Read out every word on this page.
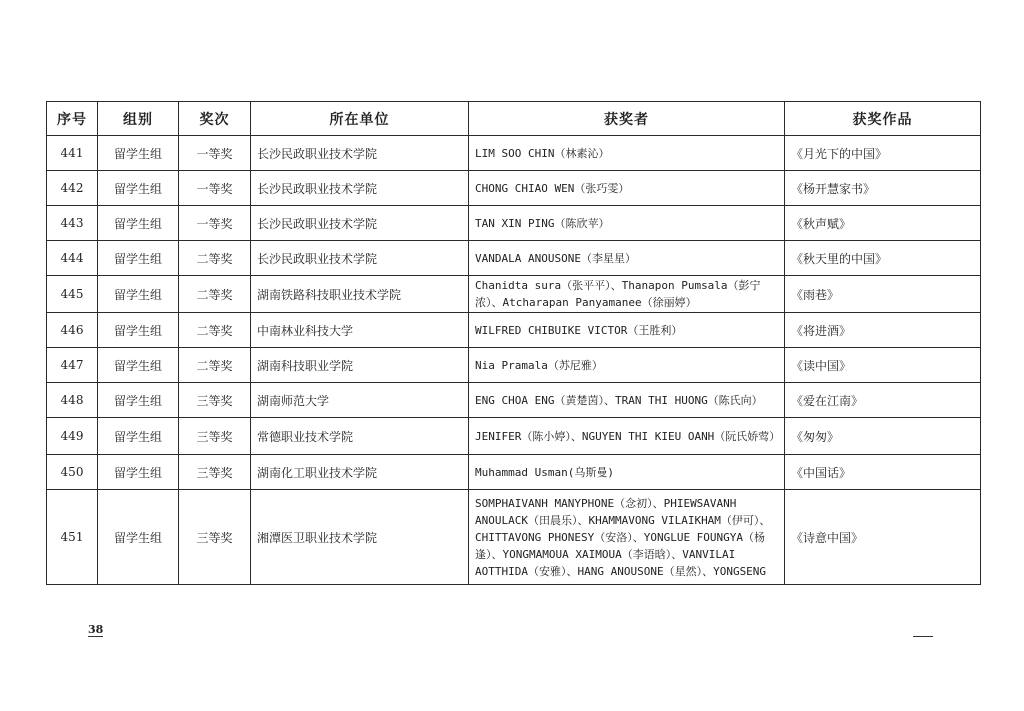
序号	组别	奖次	所在单位	获奖者	获奖作品
441	留学生组	一等奖	长沙民政职业技术学院	LIM SOO CHIN（林素沁）	《月光下的中国》
442	留学生组	一等奖	长沙民政职业技术学院	CHONG CHIAO WEN（张巧雯）	《杨开慧家书》
443	留学生组	一等奖	长沙民政职业技术学院	TAN XIN PING（陈欣苹）	《秋声赋》
444	留学生组	二等奖	长沙民政职业技术学院	VANDALA ANOUSONE（李星星）	《秋天里的中国》
445	留学生组	二等奖	湖南铁路科技职业技术学院	Chanidta sura（张平平）、Thanapon Pumsala（彭宁浓）、Atcharapan Panyamanee（徐丽婷）	《雨巷》
446	留学生组	二等奖	中南林业科技大学	WILFRED CHIBUIKE VICTOR（王胜利）	《将进酒》
447	留学生组	二等奖	湖南科技职业学院	Nia Pramala（苏尼雅）	《读中国》
448	留学生组	三等奖	湖南师范大学	ENG CHOA ENG（黄楚茵）、TRAN THI HUONG（陈氏向）	《爱在江南》
449	留学生组	三等奖	常德职业技术学院	JENIFER（陈小婷）、NGUYEN THI KIEU OANH（阮氏娇莺）	《匆匆》
450	留学生组	三等奖	湖南化工职业技术学院	Muhammad Usman(乌斯曼)	《中国话》
451	留学生组	三等奖	湘潭医卫职业技术学院	SOMPHAIVANH MANYPHONE（念初）、PHIEWSAVANH ANOULACK（田晨乐）、KHAMMAVONG VILAIKHAM（伊可）、CHITTAVONG PHONESY（安洛）、YONGLUE FOUNGYA（杨逢）、YONGMAMOUA XAIMOUA（李语晗）、VANVILAI AOTTHIDA（安雅）、HANG ANOUSONE（星然）、YONGSENG	《诗意中国》
38
